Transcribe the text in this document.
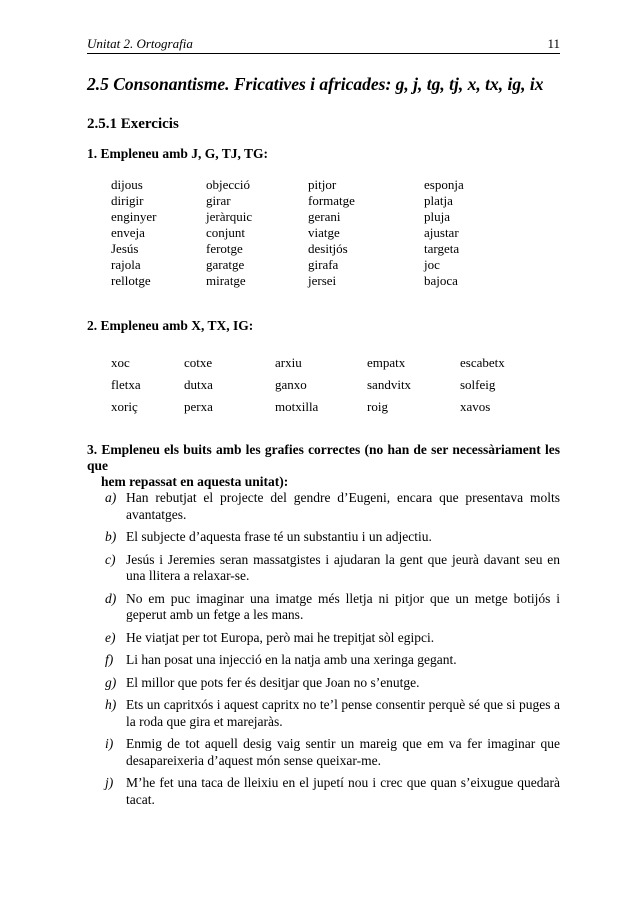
Unitat 2. Ortografia	11
2.5 Consonantisme. Fricatives i africades: g, j, tg, tj, x, tx, ig, ix
2.5.1 Exercicis
1. Empleneu amb J, G, TJ, TG:
dijous	objecció	pitjor	esponja
dirigir	girar	formatge	platja
enginyer	jeràrquic	gerani	pluja
enveja	conjunt	viatge	ajustar
Jesús	ferotge	desitjós	targeta
rajola	garatge	girafa	joc
rellotge	miratge	jersei	bajoca
2. Empleneu amb X, TX, IG:
xoc	cotxe	arxiu	empatx	escabetx
fletxa	dutxa	ganxo	sandvitx	solfeig
xoriç	perxa	motxilla	roig	xavos
3. Empleneu els buits amb les grafies correctes (no han de ser necessàriament les que
hem repassat en aquesta unitat):
a) Han rebutjat el projecte del gendre d’Eugeni, encara que presentava molts avantatges.
b) El subjecte d’aquesta frase té un substantiu i un adjectiu.
c) Jesús i Jeremies seran massatgistes i ajudaran la gent que jeurà davant seu en una llitera a relaxar-se.
d) No em puc imaginar una imatge més lletja ni pitjor que un metge botijós i geperut amb un fetge a les mans.
e) He viatjat per tot Europa, però mai he trepitjat sòl egipci.
f) Li han posat una injecció en la natja amb una xeringa gegant.
g) El millor que pots fer és desitjar que Joan no s’enutge.
h) Ets un capritxós i aquest capritx no te’l pense consentir perquè sé que si puges a la roda que gira et marejaràs.
i) Enmig de tot aquell desig vaig sentir un mareig que em va fer imaginar que desapareixeria d’aquest món sense queixar-me.
j) M’he fet una taca de lleixiu en el jupetí nou i crec que quan s’eixugue quedarà tacat.
